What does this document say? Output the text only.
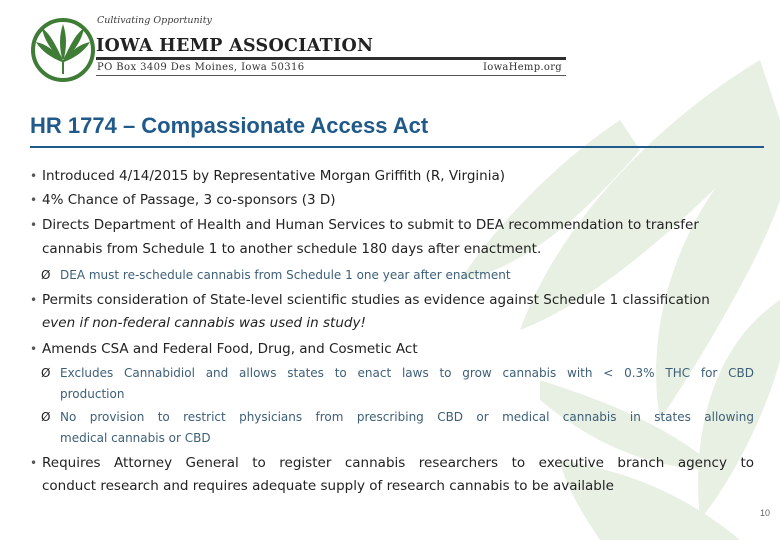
Cultivating Opportunity
IOWA HEMP ASSOCIATION
PO Box 3409 Des Moines, Iowa 50316	IowaHemp.org
HR 1774 – Compassionate Access Act
• Introduced 4/14/2015 by Representative Morgan Griffith (R, Virginia)
• 4% Chance of Passage, 3 co-sponsors (3 D)
• Directs Department of Health and Human Services to submit to DEA recommendation to transfer
cannabis from Schedule 1 to another schedule 180 days after enactment.
Ø DEA must re-schedule cannabis from Schedule 1 one year after enactment
• Permits consideration of State-level scientific studies as evidence against Schedule 1 classification
even if non-federal cannabis was used in study!
• Amends CSA and Federal Food, Drug, and Cosmetic Act
Ø Excludes Cannabidiol and allows states to enact laws to grow cannabis with < 0.3% THC for CBD
production
Ø No provision to restrict physicians from prescribing CBD or medical cannabis in states allowing
medical cannabis or CBD
• Requires Attorney General to register cannabis researchers to executive branch agency to
conduct research and requires adequate supply of research cannabis to be available
10
